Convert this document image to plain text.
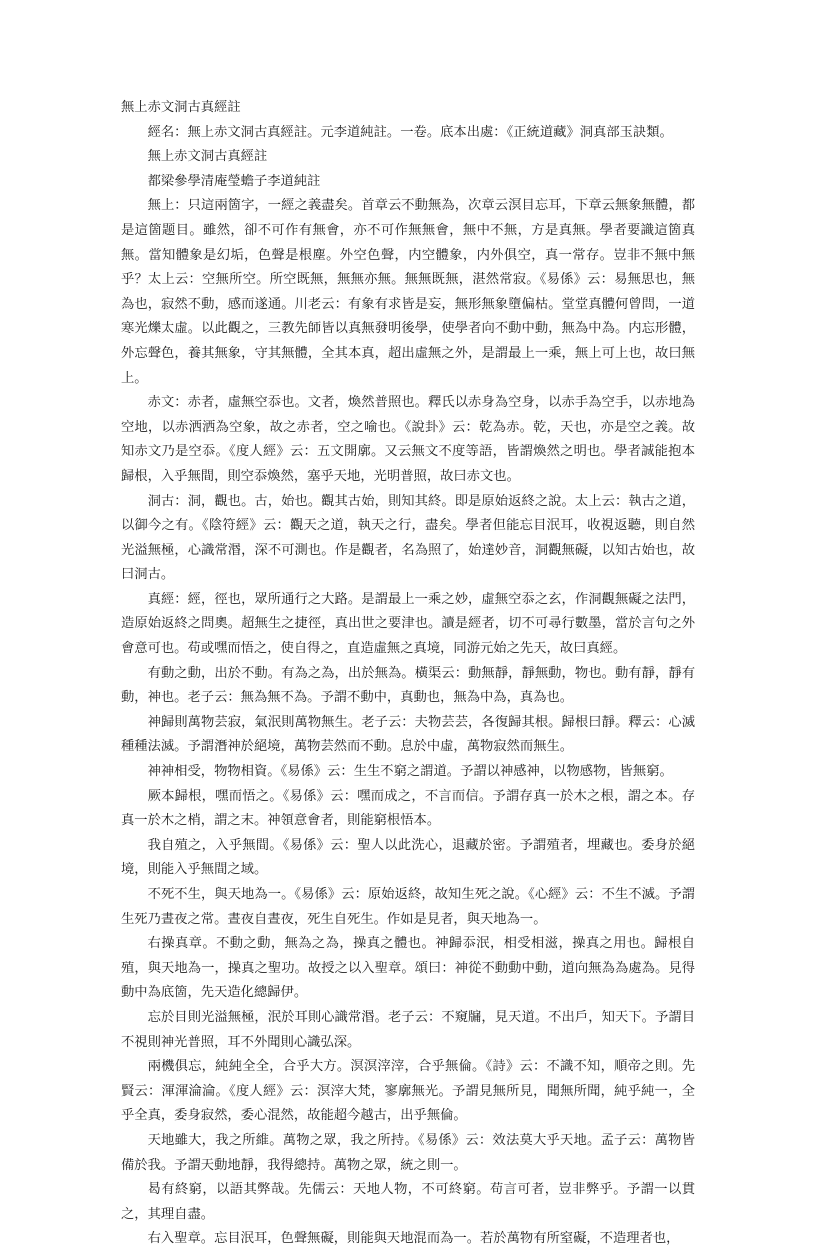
無上赤文洞古真經註

經名：無上赤文洞古真經註。元李道純註。一卷。底本出處：《正統道藏》洞真部玉訣類。

無上赤文洞古真經註

都梁參學清庵瑩蟾子李道純註

無上：只這兩箇字，一經之義盡矣。首章云不動無為，次章云溟目忘耳，下章云無象無體，都是這箇题目。雖然，卻不可作有無會，亦不可作無無會，無中不無，方是真無。學者要識這箇真無。當知體象是幻垢，色聲是根塵。外空色聲，内空體象，内外俱空，真一常存。豈非不無中無乎？太上云：空無所空。所空既無，無無亦無。無無既無，湛然常寂。《易係》云：易無思也，無為也，寂然不動，感而遂通。川老云：有象有求皆是妄，無形無象墮偏枯。堂堂真體何曾問，一道寒光爍太虛。以此觀之，三教先師皆以真無發明後學，使學者向不動中動，無為中為。内忘形體，外忘聲色，養其無象，守其無體，全其本真，超出虛無之外，是謂最上一乘，無上可上也，故曰無上。

赤文：赤者，虛無空忝也。文者，煥然普照也。釋氏以赤身為空身，以赤手為空手，以赤地為空地，以赤洒洒為空象，故之赤者，空之喻也。《說卦》云：乾為赤。乾，天也，亦是空之義。故知赤文乃是空忝。《度人經》云：五文開廓。又云無文不度等語，皆謂煥然之明也。學者誠能抱本歸根，入乎無間，則空忝煥然，塞乎天地，光明普照，故曰赤文也。

洞古：洞，觀也。古，始也。觀其古始，則知其終。即是原始返終之說。太上云：執古之道，以御今之有。《陰符經》云：觀天之道，執天之行，盡矣。學者但能忘目泯耳，收視返聽，則自然光溢無極，心識常湣，深不可測也。作是觀者，名為照了，始達妙音，洞觀無礙，以知古始也，故曰洞古。

真經：經，徑也，眾所通行之大路。是謂最上一乘之妙，虛無空忝之玄，作洞觀無礙之法門，造原始返終之問奧。超無生之捷徑，真出世之要津也。讀是經者，切不可尋行數墨，當於言句之外會意可也。苟或嘿而悟之，使自得之，直造虛無之真境，同游元始之先天，故曰真經。

有動之動，出於不動。有為之為，出於無為。橫渠云：動無靜，靜無動，物也。動有靜，靜有動，神也。老子云：無為無不為。予謂不動中，真動也，無為中為，真為也。

神歸則萬物芸寂，氣泯則萬物無生。老子云：夫物芸芸，各復歸其根。歸根曰靜。釋云：心滅種種法滅。予謂潛神於絕境，萬物芸然而不動。息於中虛，萬物寂然而無生。

神神相受，物物相資。《易係》云：生生不窮之謂道。予謂以神感神，以物感物，皆無窮。

厥本歸根，嘿而悟之。《易係》云：嘿而成之，不言而信。予謂存真一於木之根，謂之本。存真一於木之梢，謂之末。神領意會者，則能窮根悟本。

我自殖之，入乎無間。《易係》云：聖人以此洗心，退藏於密。予謂殖者，埋藏也。委身於絕境，則能入乎無間之域。

不死不生，與天地為一。《易係》云：原始返終，故知生死之說。《心經》云：不生不滅。予謂生死乃晝夜之常。晝夜自晝夜，死生自死生。作如是見者，與天地為一。

右操真章。不動之動，無為之為，操真之體也。神歸忝泯，相受相滋，操真之用也。歸根自殖，與天地為一，操真之聖功。故授之以入聖章。頌曰：神從不動動中動，道向無為為處為。見得動中為底箇，先天造化總歸伊。

忘於目則光溢無極，泯於耳則心識常湣。老子云：不窺牖，見天道。不出戶，知天下。予謂目不視則神光普照，耳不外聞則心識弘深。

兩機俱忘，純純全全，合乎大方。溟溟滓滓，合乎無倫。《詩》云：不識不知，順帝之則。先賢云：渾渾淪淪。《度人經》云：溟滓大梵，寥廓無光。予謂見無所見，聞無所聞，純乎純一，全乎全真，委身寂然，委心混然，故能超今越古，出乎無倫。

天地雖大，我之所維。萬物之眾，我之所持。《易係》云：效法莫大乎天地。孟子云：萬物皆備於我。予謂天動地靜，我得總持。萬物之眾，統之則一。

曷有終窮，以語其弊哉。先儒云：天地人物，不可終窮。苟言可者，豈非弊乎。予謂一以貫之，其理自盡。

右入聖章。忘目泯耳，色聲無礙，則能與天地混而為一。若於萬物有所窒礙，不造理者也，
